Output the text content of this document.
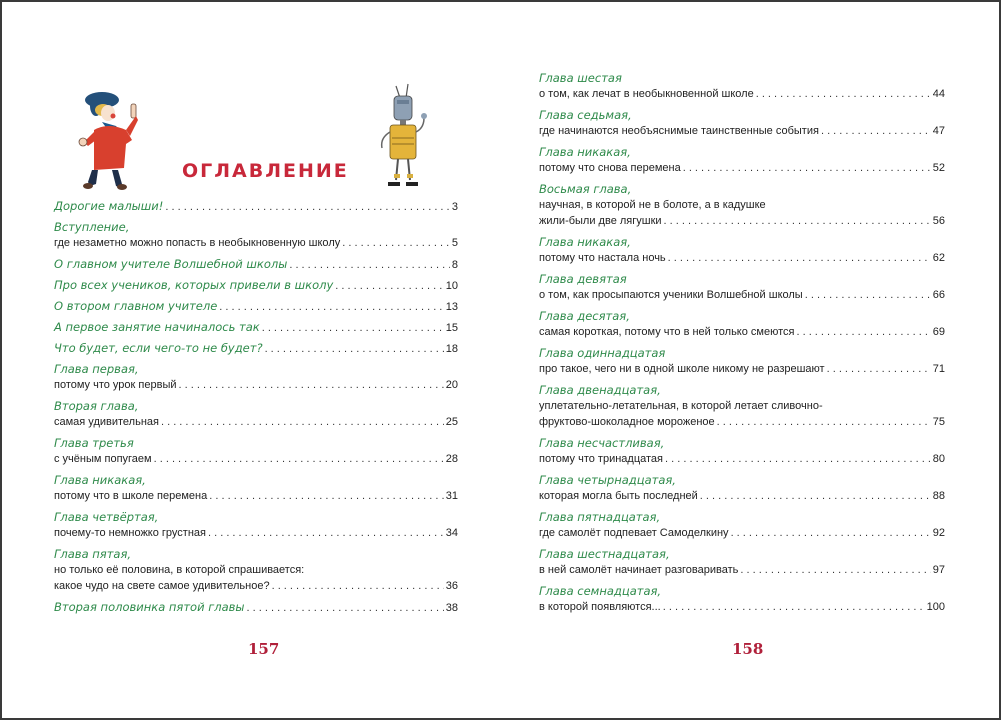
ОГЛАВЛЕНИЕ
Дорогие малыши! . . .	3
Вступление,
где незаметно можно попасть в необыкновенную школу . . .	5
О главном учителе Волшебной школы . . .	8
Про всех учеников, которых привели в школу . . .	10
О втором главном учителе . . .	13
А первое занятие начиналось так . . .	15
Что будет, если чего-то не будет? . . .	18
Глава первая,
потому что урок первый . . .	20
Вторая глава,
самая удивительная . . .	25
Глава третья
с учёным попугаем . . .	28
Глава никакая,
потому что в школе перемена . . .	31
Глава четвёртая,
почему-то немножко грустная . . .	34
Глава пятая,
но только её половина, в которой спрашивается:
какое чудо на свете самое удивительное? . . .	36
Вторая половинка пятой главы . . .	38
157
Глава шестая
о том, как лечат в необыкновенной школе . . .	44
Глава седьмая,
где начинаются необъяснимые таинственные события . . .	47
Глава никакая,
потому что снова перемена . . .	52
Восьмая глава,
научная, в которой не в болоте, а в кадушке
жили-были две лягушки . . .	56
Глава никакая,
потому что настала ночь . . .	62
Глава девятая
о том, как просыпаются ученики Волшебной школы . . .	66
Глава десятая,
самая короткая, потому что в ней только смеются . . .	69
Глава одиннадцатая
про такое, чего ни в одной школе никому не разрешают . . .	71
Глава двенадцатая,
уплетательно-летательная, в которой летает сливочно-
фруктово-шоколадное мороженое . . .	75
Глава несчастливая,
потому что тринадцатая . . .	80
Глава четырнадцатая,
которая могла быть последней . . .	88
Глава пятнадцатая,
где самолёт подпевает Самоделкину . . .	92
Глава шестнадцатая,
в ней самолёт начинает разговаривать . . .	97
Глава семнадцатая,
в которой появляются... . . .	100
158
